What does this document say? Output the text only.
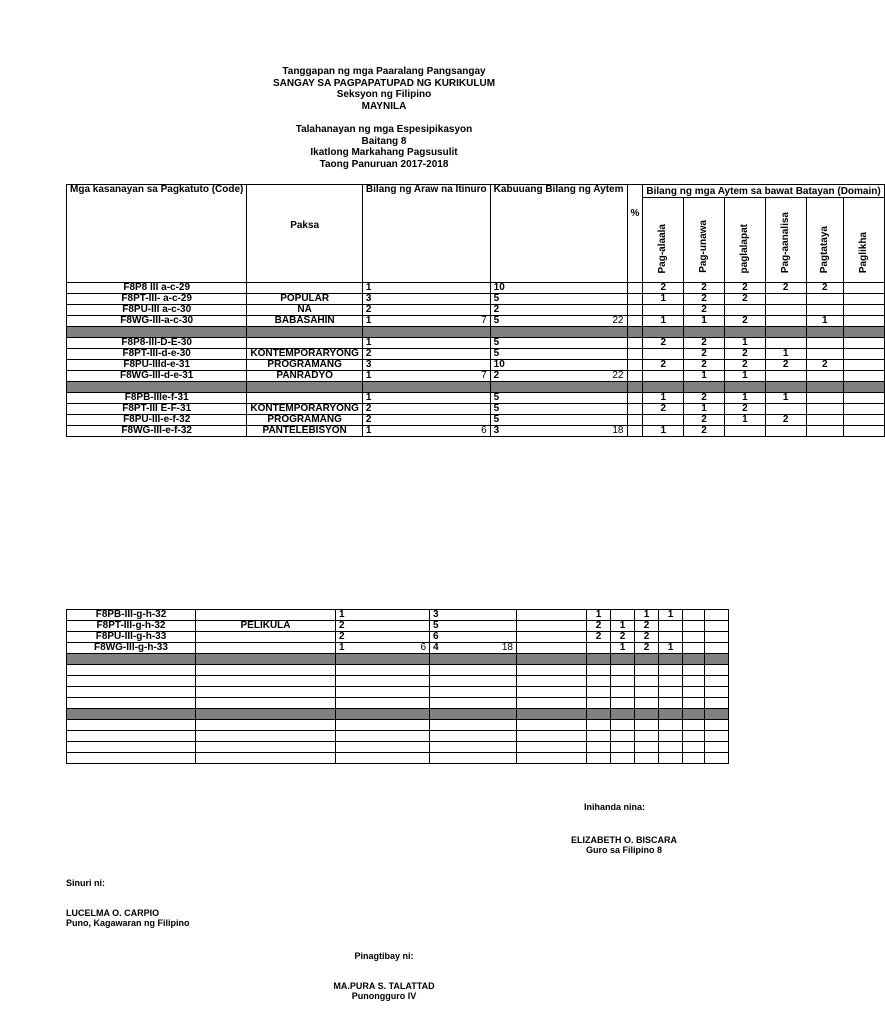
Tanggapan ng mga Paaralang Pangsangay
SANGAY SA PAGPAPATUPAD NG KURIKULUM
Seksyon ng Filipino
MAYNILA
Talahanayan ng mga Espesipikasyon
Baitang 8
Ikatlong Markahang Pagsusulit
Taong Panuruan 2017-2018
Mga kasanayan sa Pagkatuto (Code)	Paksa	Bilang ng Araw na Itinuro	Kabuuang Bilang ng Aytem	%	Bilang ng mga Aytem sa bawat Batayan (Domain)					
					Pag-alaala	Pag-unawa	paglalapat	Pag-aanalisa	Pagtataya	Paglikha
F8P8 III a-c-29		1	10		2	2	2	2	2	
F8PT-III- a-c-29	POPULAR	3	5		1	2	2			
F8PU-III a-c-30	NA	2	2			2				
F8WG-III-a-c-30	BABASAHIN	1 7	5 22		1	1	2		1	

F8P8-III-D-E-30		1	5		2	2	1			
F8PT-III-d-e-30	KONTEMPORARYONG	2	5			2	2	1		
F8PU-IIId-e-31	PROGRAMANG	3	10		2	2	2	2	2	
F8WG-III-d-e-31	PANRADYO	1 7	2 22			1	1			

F8PB-IIIe-f-31		1	5		1	2	1	1		
F8PT-III E-F-31	KONTEMPORARYONG	2	5		2	1	2			
F8PU-III-e-f-32	PROGRAMANG	2	5			2	1	2		
F8WG-III-e-f-32	PANTELEBISYON	1 6	3 18		1	2				
F8PB-III-g-h-32		1	3		1		1	1		
F8PT-III-g-h-32	PELIKULA	2	5		2	1	2			
F8PU-III-g-h-33		2	6		2	2	2			
F8WG-III-g-h-33		1 6	4 18			1	2	1		

Inihanda nina:
ELIZABETH O. BISCARA
Guro sa Filipino 8
Sinuri ni:
LUCELMA O. CARPIO
Puno, Kagawaran ng Filipino
Pinagtibay ni:
MA.PURA S. TALATTAD
Punongguro IV
